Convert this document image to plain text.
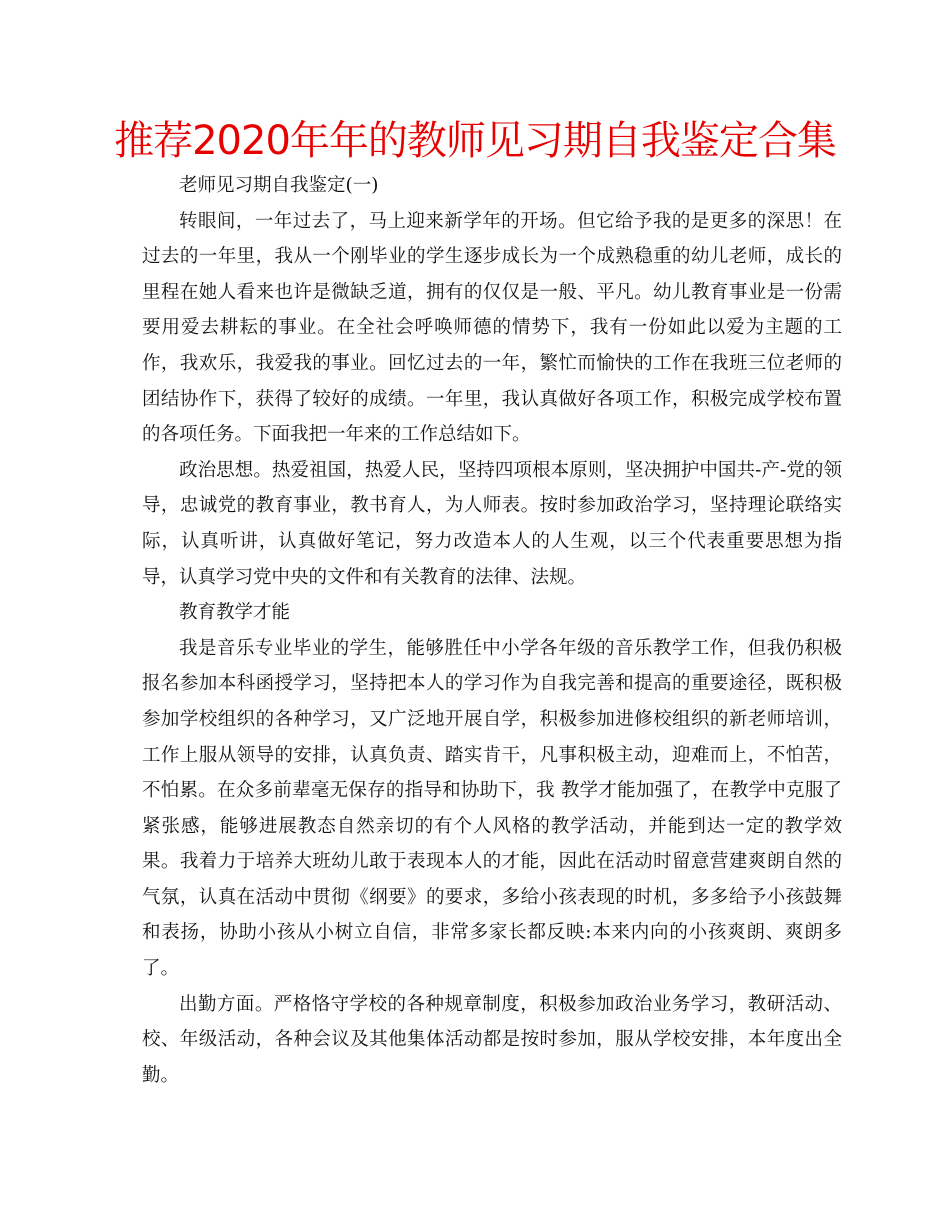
推荐2020年年的教师见习期自我鉴定合集

老师见习期自我鉴定(一)

转眼间，一年过去了，马上迎来新学年的开场。但它给予我的是更多的深思！在过去的一年里，我从一个刚毕业的学生逐步成长为一个成熟稳重的幼儿老师，成长的里程在她人看来也许是微缺乏道，拥有的仅仅是一般、平凡。幼儿教育事业是一份需要用爱去耕耘的事业。在全社会呼唤师德的情势下，我有一份如此以爱为主题的工作，我欢乐，我爱我的事业。回忆过去的一年，繁忙而愉快的工作在我班三位老师的团结协作下，获得了较好的成绩。一年里，我认真做好各项工作，积极完成学校布置的各项任务。下面我把一年来的工作总结如下。

政治思想。热爱祖国，热爱人民，坚持四项根本原则，坚决拥护中国共-产-党的领导，忠诚党的教育事业，教书育人，为人师表。按时参加政治学习，坚持理论联络实际，认真听讲，认真做好笔记，努力改造本人的人生观，以三个代表重要思想为指导，认真学习党中央的文件和有关教育的法律、法规。

教育教学才能

我是音乐专业毕业的学生，能够胜任中小学各年级的音乐教学工作，但我仍积极报名参加本科函授学习，坚持把本人的学习作为自我完善和提高的重要途径，既积极参加学校组织的各种学习，又广泛地开展自学，积极参加进修校组织的新老师培训，工作上服从领导的安排，认真负责、踏实肯干，凡事积极主动，迎难而上，不怕苦，不怕累。在众多前辈毫无保存的指导和协助下，我 教学才能加强了，在教学中克服了紧张感，能够进展教态自然亲切的有个人风格的教学活动，并能到达一定的教学效果。我着力于培养大班幼儿敢于表现本人的才能，因此在活动时留意营建爽朗自然的气氛，认真在活动中贯彻《纲要》的要求，多给小孩表现的时机，多多给予小孩鼓舞和表扬，协助小孩从小树立自信，非常多家长都反映:本来内向的小孩爽朗、爽朗多了。

出勤方面。严格恪守学校的各种规章制度，积极参加政治业务学习，教研活动、校、年级活动，各种会议及其他集体活动都是按时参加，服从学校安排，本年度出全勤。
